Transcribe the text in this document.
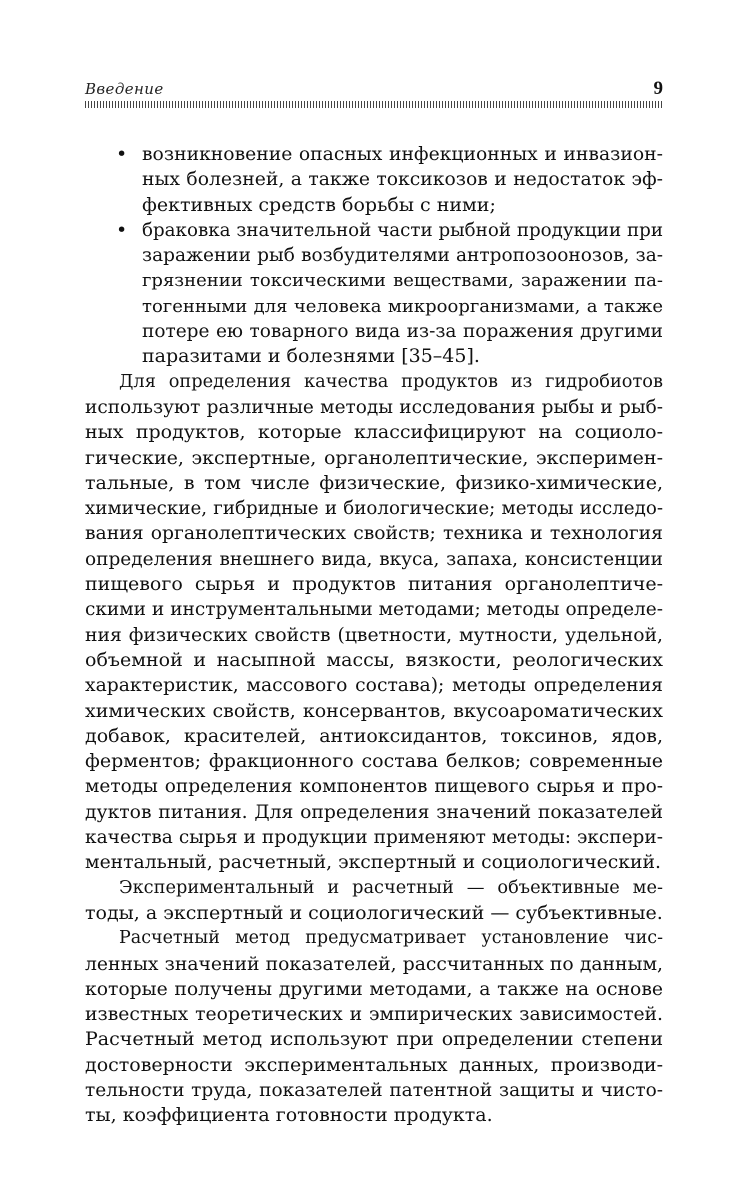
Введение	9
• возникновение опасных инфекционных и инвазион-
ных болезней, а также токсикозов и недостаток эф-
фективных средств борьбы с ними;
• браковка значительной части рыбной продукции при
заражении рыб возбудителями антропозоонозов, за-
грязнении токсическими веществами, заражении па-
тогенными для человека микроорганизмами, а также
потере ею товарного вида из-за поражения другими
паразитами и болезнями [35–45].

Для определения качества продуктов из гидробиотов
используют различные методы исследования рыбы и рыб-
ных продуктов, которые классифицируют на социоло-
гические, экспертные, органолептические, эксперимен-
тальные, в том числе физические, физико-химические,
химические, гибридные и биологические; методы исследо-
вания органолептических свойств; техника и технология
определения внешнего вида, вкуса, запаха, консистенции
пищевого сырья и продуктов питания органолептиче-
скими и инструментальными методами; методы определе-
ния физических свойств (цветности, мутности, удельной,
объемной и насыпной массы, вязкости, реологических
характеристик, массового состава); методы определения
химических свойств, консервантов, вкусоароматических
добавок, красителей, антиоксидантов, токсинов, ядов,
ферментов; фракционного состава белков; современные
методы определения компонентов пищевого сырья и про-
дуктов питания. Для определения значений показателей
качества сырья и продукции применяют методы: экспери-
ментальный, расчетный, экспертный и социологический.

Экспериментальный и расчетный — объективные ме-
тоды, а экспертный и социологический — субъективные.

Расчетный метод предусматривает установление чис-
ленных значений показателей, рассчитанных по данным,
которые получены другими методами, а также на основе
известных теоретических и эмпирических зависимостей.
Расчетный метод используют при определении степени
достоверности экспериментальных данных, производи-
тельности труда, показателей патентной защиты и чисто-
ты, коэффициента готовности продукта.
